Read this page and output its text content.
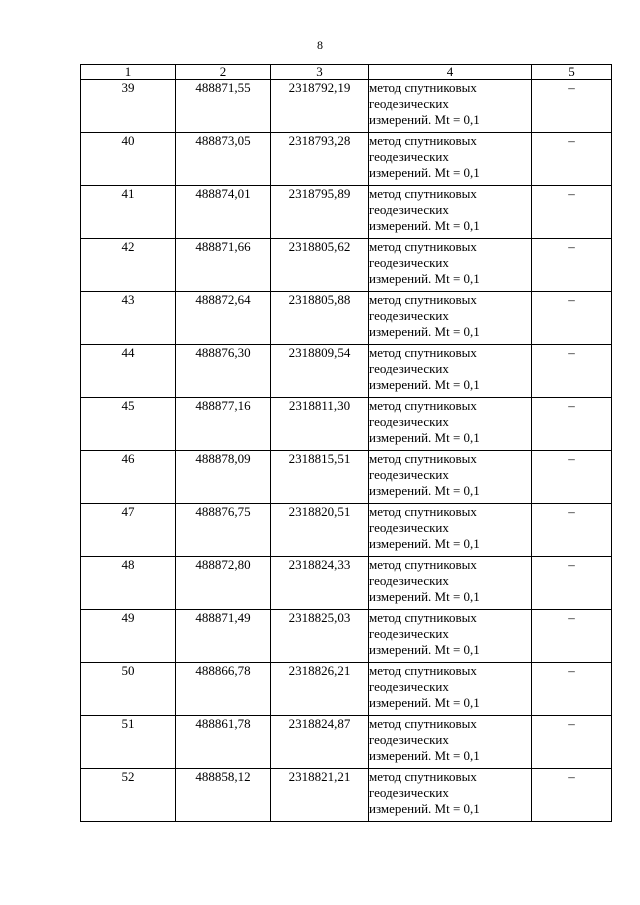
8
1	2	3	4	5
39	488871,55	2318792,19	метод спутниковых
геодезических
измерений. Mt = 0,1	–
40	488873,05	2318793,28	метод спутниковых
геодезических
измерений. Mt = 0,1	–
41	488874,01	2318795,89	метод спутниковых
геодезических
измерений. Mt = 0,1	–
42	488871,66	2318805,62	метод спутниковых
геодезических
измерений. Mt = 0,1	–
43	488872,64	2318805,88	метод спутниковых
геодезических
измерений. Mt = 0,1	–
44	488876,30	2318809,54	метод спутниковых
геодезических
измерений. Mt = 0,1	–
45	488877,16	2318811,30	метод спутниковых
геодезических
измерений. Mt = 0,1	–
46	488878,09	2318815,51	метод спутниковых
геодезических
измерений. Mt = 0,1	–
47	488876,75	2318820,51	метод спутниковых
геодезических
измерений. Mt = 0,1	–
48	488872,80	2318824,33	метод спутниковых
геодезических
измерений. Mt = 0,1	–
49	488871,49	2318825,03	метод спутниковых
геодезических
измерений. Mt = 0,1	–
50	488866,78	2318826,21	метод спутниковых
геодезических
измерений. Mt = 0,1	–
51	488861,78	2318824,87	метод спутниковых
геодезических
измерений. Mt = 0,1	–
52	488858,12	2318821,21	метод спутниковых
геодезических
измерений. Mt = 0,1	–
